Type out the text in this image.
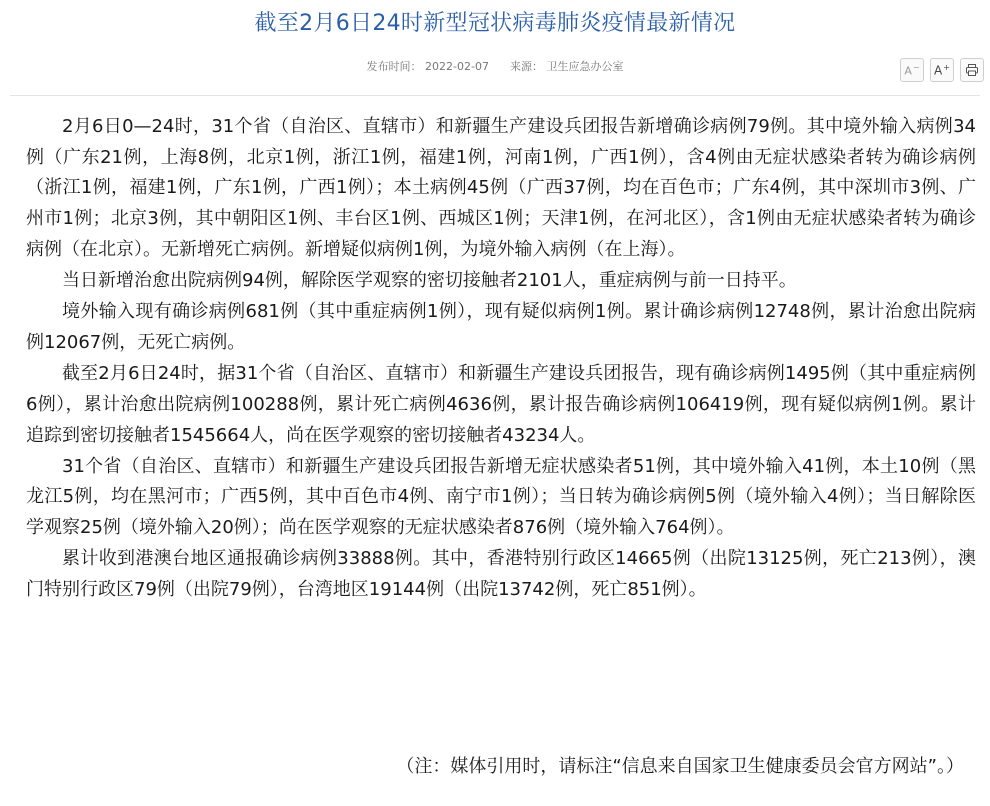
截至2月6日24时新型冠状病毒肺炎疫情最新情况
发布时间： 2022-02-07 来源： 卫生应急办公室	A− A+

2月6日0—24时，31个省（自治区、直辖市）和新疆生产建设兵团报告新增确诊病例79例。其中境外输入病例34例（广东21例，上海8例，北京1例，浙江1例，福建1例，河南1例，广西1例），含4例由无症状感染者转为确诊病例（浙江1例，福建1例，广东1例，广西1例）；本土病例45例（广西37例，均在百色市；广东4例，其中深圳市3例、广州市1例；北京3例，其中朝阳区1例、丰台区1例、西城区1例；天津1例，在河北区），含1例由无症状感染者转为确诊病例（在北京）。无新增死亡病例。新增疑似病例1例，为境外输入病例（在上海）。

当日新增治愈出院病例94例，解除医学观察的密切接触者2101人，重症病例与前一日持平。

境外输入现有确诊病例681例（其中重症病例1例），现有疑似病例1例。累计确诊病例12748例，累计治愈出院病例12067例，无死亡病例。

截至2月6日24时，据31个省（自治区、直辖市）和新疆生产建设兵团报告，现有确诊病例1495例（其中重症病例6例），累计治愈出院病例100288例，累计死亡病例4636例，累计报告确诊病例106419例，现有疑似病例1例。累计追踪到密切接触者1545664人，尚在医学观察的密切接触者43234人。

31个省（自治区、直辖市）和新疆生产建设兵团报告新增无症状感染者51例，其中境外输入41例，本土10例（黑龙江5例，均在黑河市；广西5例，其中百色市4例、南宁市1例）；当日转为确诊病例5例（境外输入4例）；当日解除医学观察25例（境外输入20例）；尚在医学观察的无症状感染者876例（境外输入764例）。

累计收到港澳台地区通报确诊病例33888例。其中，香港特别行政区14665例（出院13125例，死亡213例），澳门特别行政区79例（出院79例），台湾地区19144例（出院13742例，死亡851例）。

（注：媒体引用时，请标注“信息来自国家卫生健康委员会官方网站”。）
